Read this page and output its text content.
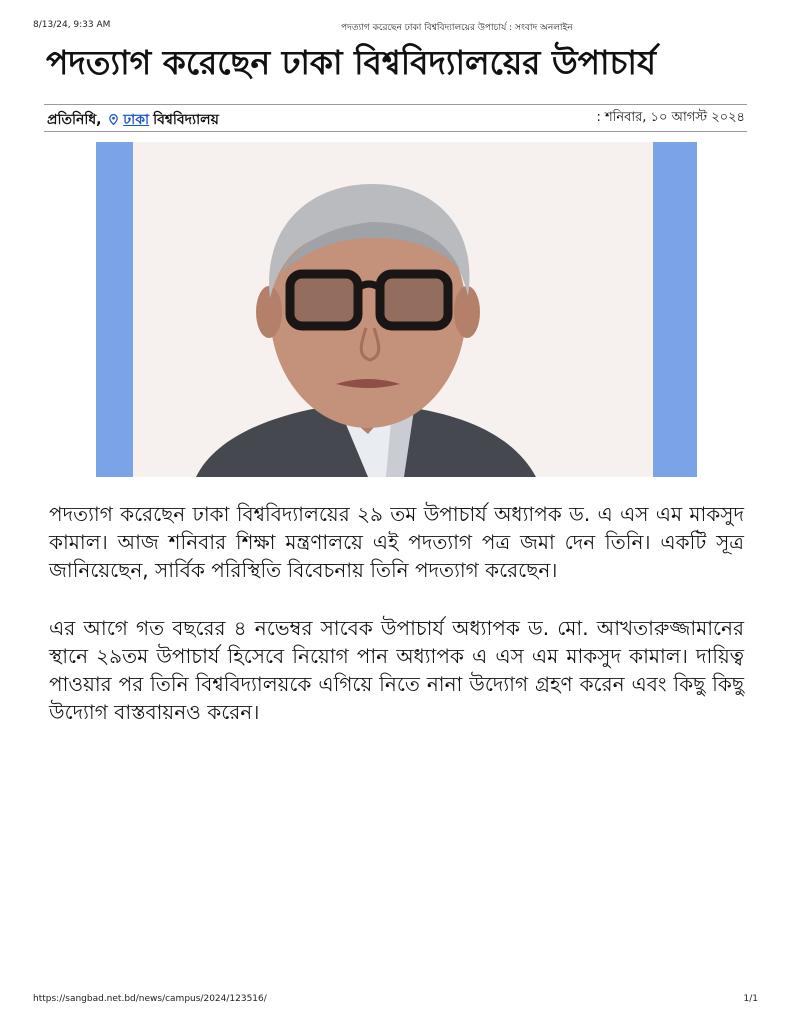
8/13/24, 9:33 AM	পদত্যাগ করেছেন ঢাকা বিশ্ববিদ্যালয়ের উপাচার্য : সংবাদ অনলাইন
পদত্যাগ করেছেন ঢাকা বিশ্ববিদ্যালয়ের উপাচার্য
প্রতিনিধি, ঢাকা বিশ্ববিদ্যালয়	: শনিবার, ১০ আগস্ট ২০২৪

পদত্যাগ করেছেন ঢাকা বিশ্ববিদ্যালয়ের ২৯ তম উপাচার্য অধ্যাপক ড. এ এস এম মাকসুদ কামাল। আজ শনিবার শিক্ষা মন্ত্রণালয়ে এই পদত্যাগ পত্র জমা দেন তিনি। একটি সূত্র জানিয়েছেন, সার্বিক পরিস্থিতি বিবেচনায় তিনি পদত্যাগ করেছেন।

এর আগে গত বছরের ৪ নভেম্বর সাবেক উপাচার্য অধ্যাপক ড. মো. আখতারুজ্জামানের স্থানে ২৯তম উপাচার্য হিসেবে নিয়োগ পান অধ্যাপক এ এস এম মাকসুদ কামাল। দায়িত্ব পাওয়ার পর তিনি বিশ্ববিদ্যালয়কে এগিয়ে নিতে নানা উদ্যোগ গ্রহণ করেন এবং কিছু কিছু উদ্যোগ বাস্তবায়নও করেন।

https://sangbad.net.bd/news/campus/2024/123516/	1/1
